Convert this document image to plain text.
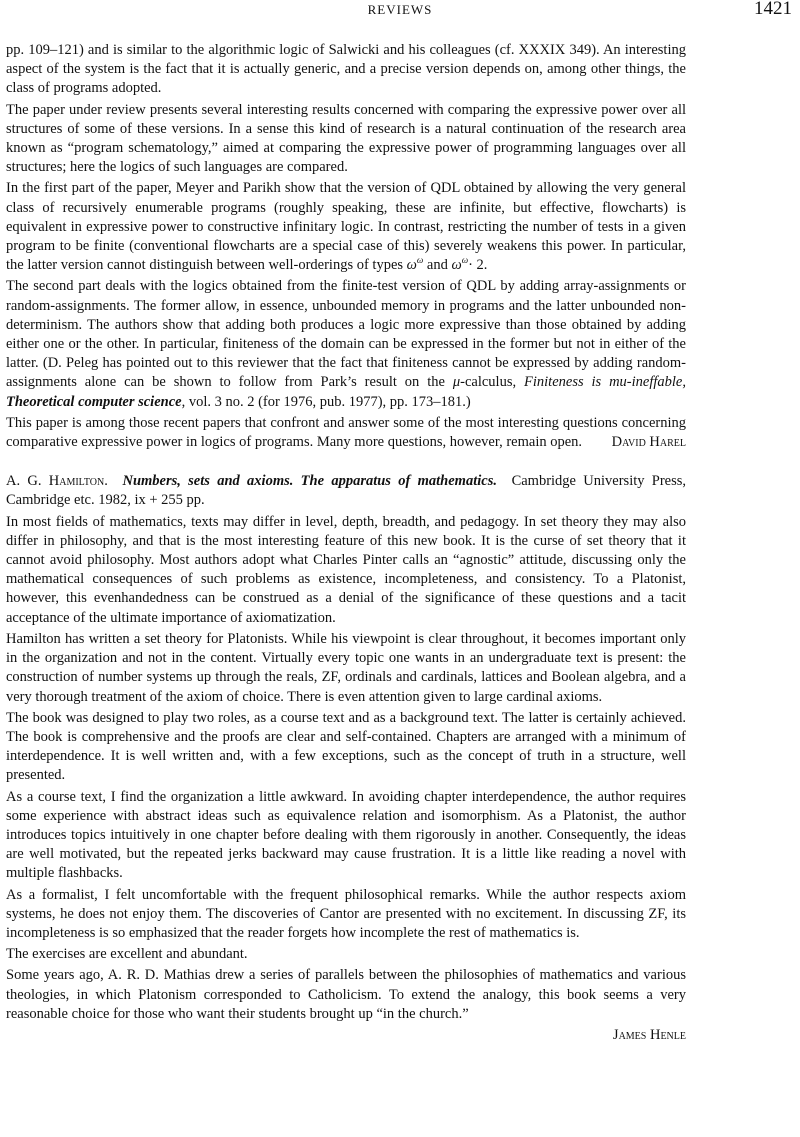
REVIEWS	1421

pp. 109–121) and is similar to the algorithmic logic of Salwicki and his colleagues (cf. XXXIX 349). An interesting aspect of the system is the fact that it is actually generic, and a precise version depends on, among other things, the class of programs adopted.

The paper under review presents several interesting results concerned with comparing the expressive power over all structures of some of these versions. In a sense this kind of research is a natural continuation of the research area known as “program schematology,” aimed at comparing the expressive power of programming languages over all structures; here the logics of such languages are compared.

In the first part of the paper, Meyer and Parikh show that the version of QDL obtained by allowing the very general class of recursively enumerable programs (roughly speaking, these are infinite, but effective, flowcharts) is equivalent in expressive power to constructive infinitary logic. In contrast, restricting the number of tests in a given program to be finite (conventional flowcharts are a special case of this) severely weakens this power. In particular, the latter version cannot distinguish between well-orderings of types $\omega^\omega$ and $\omega^\omega\cdot 2$.

The second part deals with the logics obtained from the finite-test version of QDL by adding array-assignments or random-assignments. The former allow, in essence, unbounded memory in programs and the latter unbounded non-determinism. The authors show that adding both produces a logic more expressive than those obtained by adding either one or the other. In particular, finiteness of the domain can be expressed in the former but not in either of the latter. (D. Peleg has pointed out to this reviewer that the fact that finiteness cannot be expressed by adding random-assignments alone can be shown to follow from Park’s result on the μ-calculus, Finiteness is mu-ineffable, Theoretical computer science, vol. 3 no. 2 (for 1976, pub. 1977), pp. 173–181.)

This paper is among those recent papers that confront and answer some of the most interesting questions concerning comparative expressive power in logics of programs. Many more questions, however, remain open. David Harel

A. G. Hamilton. Numbers, sets and axioms. The apparatus of mathematics. Cambridge University Press, Cambridge etc. 1982, ix + 255 pp.

In most fields of mathematics, texts may differ in level, depth, breadth, and pedagogy. In set theory they may also differ in philosophy, and that is the most interesting feature of this new book. It is the curse of set theory that it cannot avoid philosophy. Most authors adopt what Charles Pinter calls an “agnostic” attitude, discussing only the mathematical consequences of such problems as existence, incompleteness, and consistency. To a Platonist, however, this evenhandedness can be construed as a denial of the significance of these questions and a tacit acceptance of the ultimate importance of axiomatization.

Hamilton has written a set theory for Platonists. While his viewpoint is clear throughout, it becomes important only in the organization and not in the content. Virtually every topic one wants in an undergraduate text is present: the construction of number systems up through the reals, ZF, ordinals and cardinals, lattices and Boolean algebra, and a very thorough treatment of the axiom of choice. There is even attention given to large cardinal axioms.

The book was designed to play two roles, as a course text and as a background text. The latter is certainly achieved. The book is comprehensive and the proofs are clear and self-contained. Chapters are arranged with a minimum of interdependence. It is well written and, with a few exceptions, such as the concept of truth in a structure, well presented.

As a course text, I find the organization a little awkward. In avoiding chapter interdependence, the author requires some experience with abstract ideas such as equivalence relation and isomorphism. As a Platonist, the author introduces topics intuitively in one chapter before dealing with them rigorously in another. Consequently, the ideas are well motivated, but the repeated jerks backward may cause frustration. It is a little like reading a novel with multiple flashbacks.

As a formalist, I felt uncomfortable with the frequent philosophical remarks. While the author respects axiom systems, he does not enjoy them. The discoveries of Cantor are presented with no excitement. In discussing ZF, its incompleteness is so emphasized that the reader forgets how incomplete the rest of mathematics is.

The exercises are excellent and abundant.

Some years ago, A. R. D. Mathias drew a series of parallels between the philosophies of mathematics and various theologies, in which Platonism corresponded to Catholicism. To extend the analogy, this book seems a very reasonable choice for those who want their students brought up “in the church.”

James Henle
